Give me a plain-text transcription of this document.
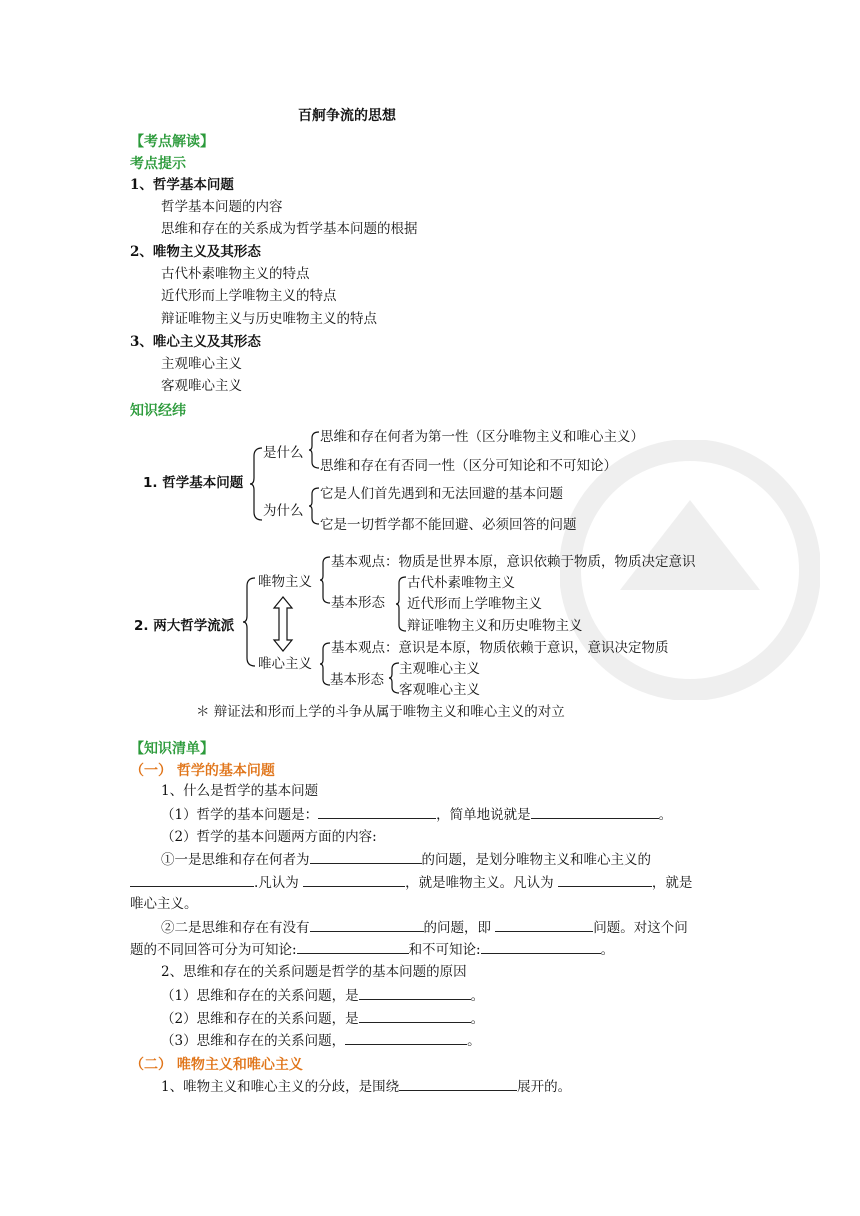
百舸争流的思想
【考点解读】
考点提示
1、哲学基本问题
哲学基本问题的内容
思维和存在的关系成为哲学基本问题的根据
2、唯物主义及其形态
古代朴素唯物主义的特点
近代形而上学唯物主义的特点
辩证唯物主义与历史唯物主义的特点
3、唯心主义及其形态
主观唯心主义
客观唯心主义
知识经纬
1. 哲学基本问题
是什么
思维和存在何者为第一性（区分唯物主义和唯心主义）
思维和存在有否同一性（区分可知论和不可知论）
为什么
它是人们首先遇到和无法回避的基本问题
它是一切哲学都不能回避、必须回答的问题
2. 两大哲学流派
唯物主义
唯心主义
基本观点：物质是世界本原，意识依赖于物质，物质决定意识
基本形态
古代朴素唯物主义
近代形而上学唯物主义
辩证唯物主义和历史唯物主义
基本观点：意识是本原，物质依赖于意识，意识决定物质
基本形态
主观唯心主义
客观唯心主义
＊ 辩证法和形而上学的斗争从属于唯物主义和唯心主义的对立
【知识清单】
（一） 哲学的基本问题
1、什么是哲学的基本问题
（1）哲学的基本问题是：	，简单地说就是	。
（2）哲学的基本问题两方面的内容:
①一是思维和存在何者为	的问题，是划分唯物主义和唯心主义的
.凡认为	，就是唯物主义。凡认为	，就是
唯心主义。
②二是思维和存在有没有	的问题，即	问题。对这个问
题的不同回答可分为可知论:	和不可知论:	。
2、思维和存在的关系问题是哲学的基本问题的原因
（1）思维和存在的关系问题，是	。
（2）思维和存在的关系问题，是	。
（3）思维和存在的关系问题，	。
（二） 唯物主义和唯心主义
1、唯物主义和唯心主义的分歧，是围绕	展开的。
